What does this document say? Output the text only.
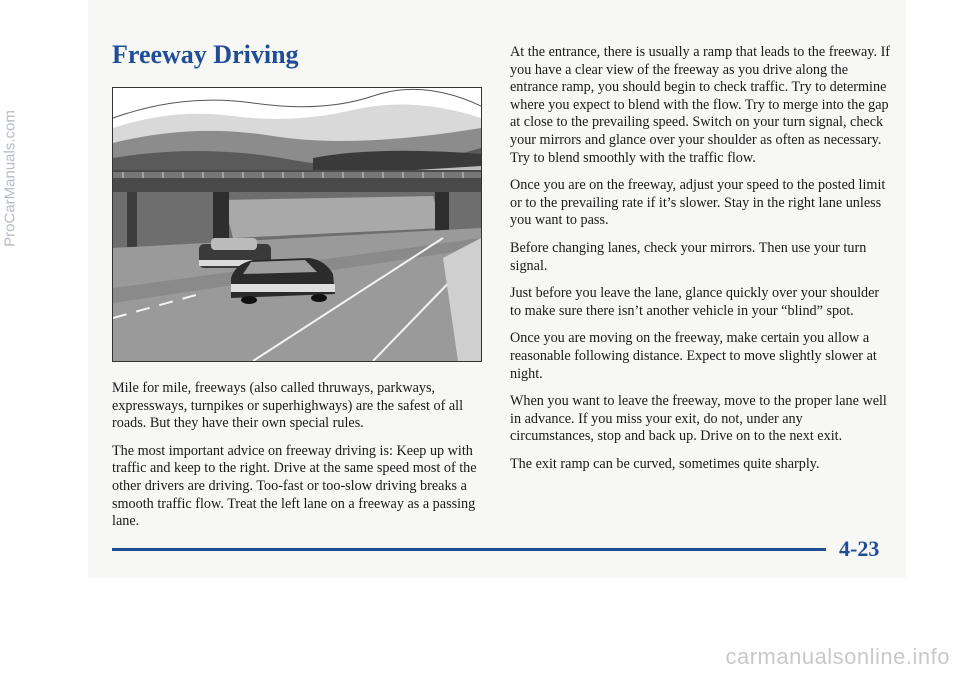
Freeway Driving

Mile for mile, freeways (also called thruways, parkways, expressways, turnpikes or superhighways) are the safest of all roads. But they have their own special rules.

The most important advice on freeway driving is: Keep up with traffic and keep to the right. Drive at the same speed most of the other drivers are driving. Too-fast or too-slow driving breaks a smooth traffic flow. Treat the left lane on a freeway as a passing lane.

At the entrance, there is usually a ramp that leads to the freeway. If you have a clear view of the freeway as you drive along the entrance ramp, you should begin to check traffic. Try to determine where you expect to blend with the flow. Try to merge into the gap at close to the prevailing speed. Switch on your turn signal, check your mirrors and glance over your shoulder as often as necessary. Try to blend smoothly with the traffic flow.

Once you are on the freeway, adjust your speed to the posted limit or to the prevailing rate if it’s slower. Stay in the right lane unless you want to pass.

Before changing lanes, check your mirrors. Then use your turn signal.

Just before you leave the lane, glance quickly over your shoulder to make sure there isn’t another vehicle in your “blind” spot.

Once you are moving on the freeway, make certain you allow a reasonable following distance. Expect to move slightly slower at night.

When you want to leave the freeway, move to the proper lane well in advance. If you miss your exit, do not, under any circumstances, stop and back up. Drive on to the next exit.

The exit ramp can be curved, sometimes quite sharply.

4-23
ProCarManuals.com
carmanualsonline.info
